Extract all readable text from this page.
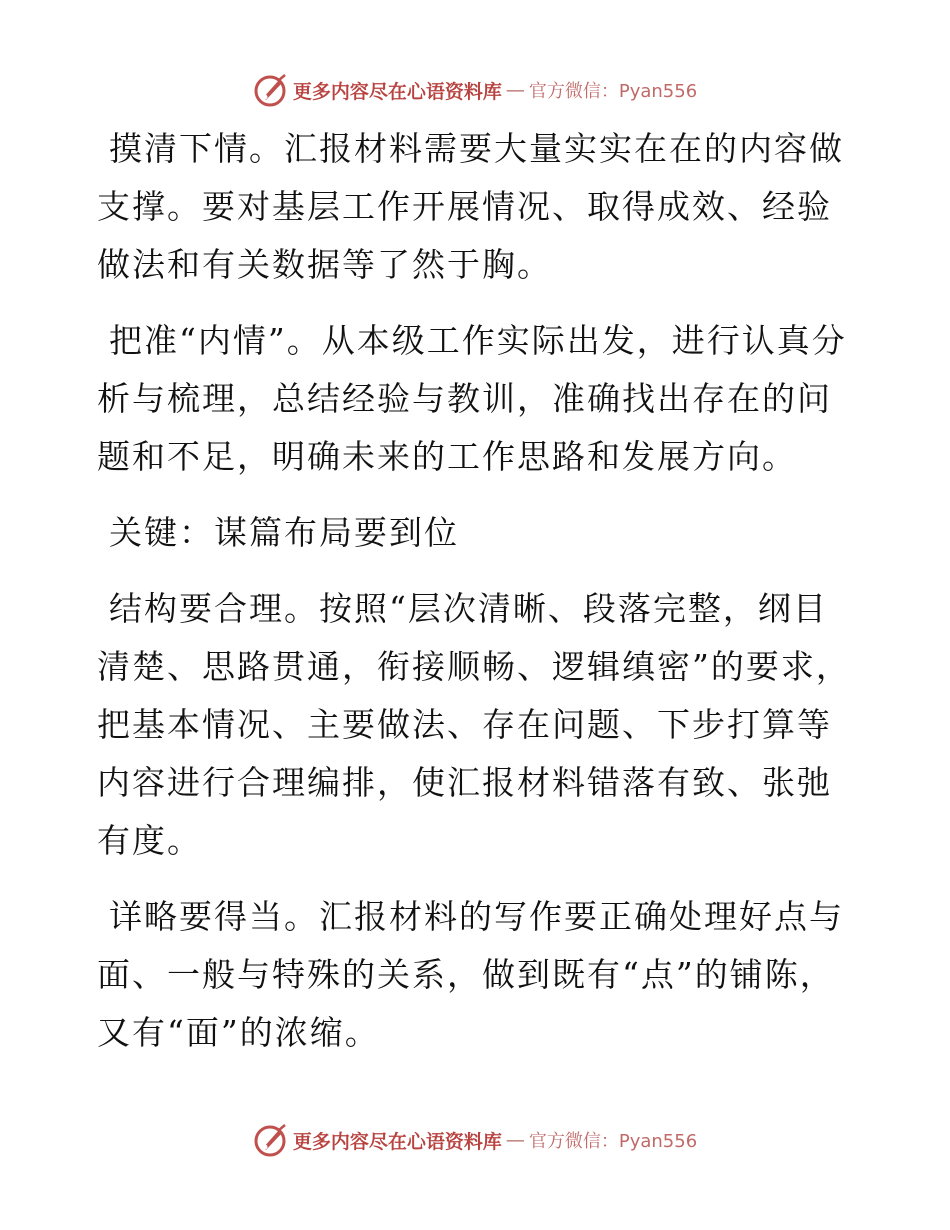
更多内容尽在心语资料库 — 官方微信：Pyan556

摸清下情。汇报材料需要大量实实在在的内容做支撑。要对基层工作开展情况、取得成效、经验做法和有关数据等了然于胸。

把准“内情”。从本级工作实际出发，进行认真分析与梳理，总结经验与教训，准确找出存在的问题和不足，明确未来的工作思路和发展方向。

关键：谋篇布局要到位

结构要合理。按照“层次清晰、段落完整，纲目清楚、思路贯通，衔接顺畅、逻辑缜密”的要求，把基本情况、主要做法、存在问题、下步打算等内容进行合理编排，使汇报材料错落有致、张弛有度。

详略要得当。汇报材料的写作要正确处理好点与面、一般与特殊的关系，做到既有“点”的铺陈，又有“面”的浓缩。

更多内容尽在心语资料库 — 官方微信：Pyan556
